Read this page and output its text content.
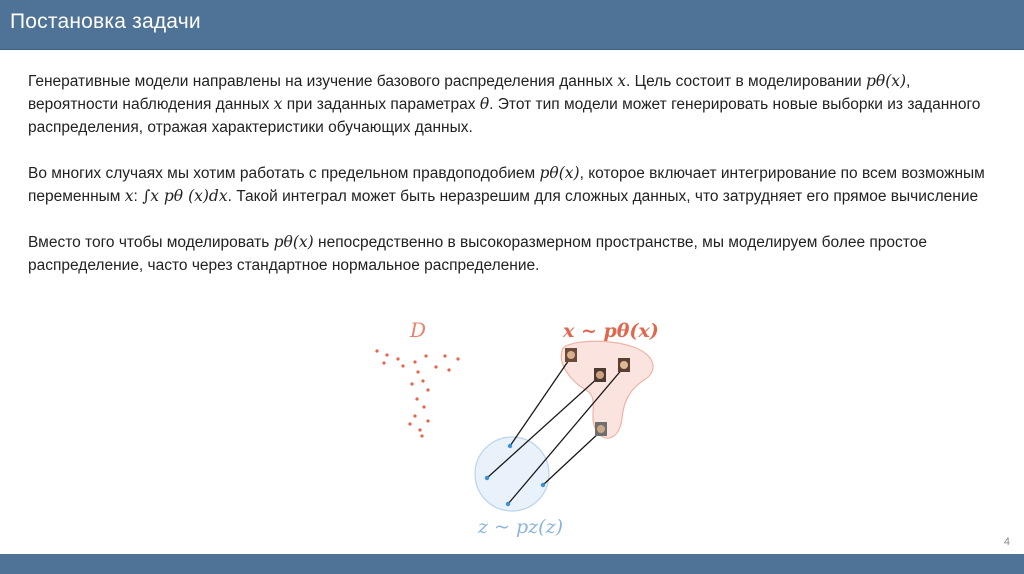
Постановка задачи

Генеративные модели направлены на изучение базового распределения данных x. Цель состоит в моделировании pθ(x), вероятности наблюдения данных x при заданных параметрах θ. Этот тип модели может генерировать новые выборки из заданного распределения, отражая характеристики обучающих данных.

Во многих случаях мы хотим работать с предельном правдоподобием pθ(x), которое включает интегрирование по всем возможным переменным x: ∫x pθ (x)dx. Такой интеграл может быть неразрешим для сложных данных, что затрудняет его прямое вычисление

Вместо того чтобы моделировать pθ(x) непосредственно в высокоразмерном пространстве, мы моделируем более простое распределение, часто через стандартное нормальное распределение.

D	x ~ pθ(x)
z ~ pz(z)
4
